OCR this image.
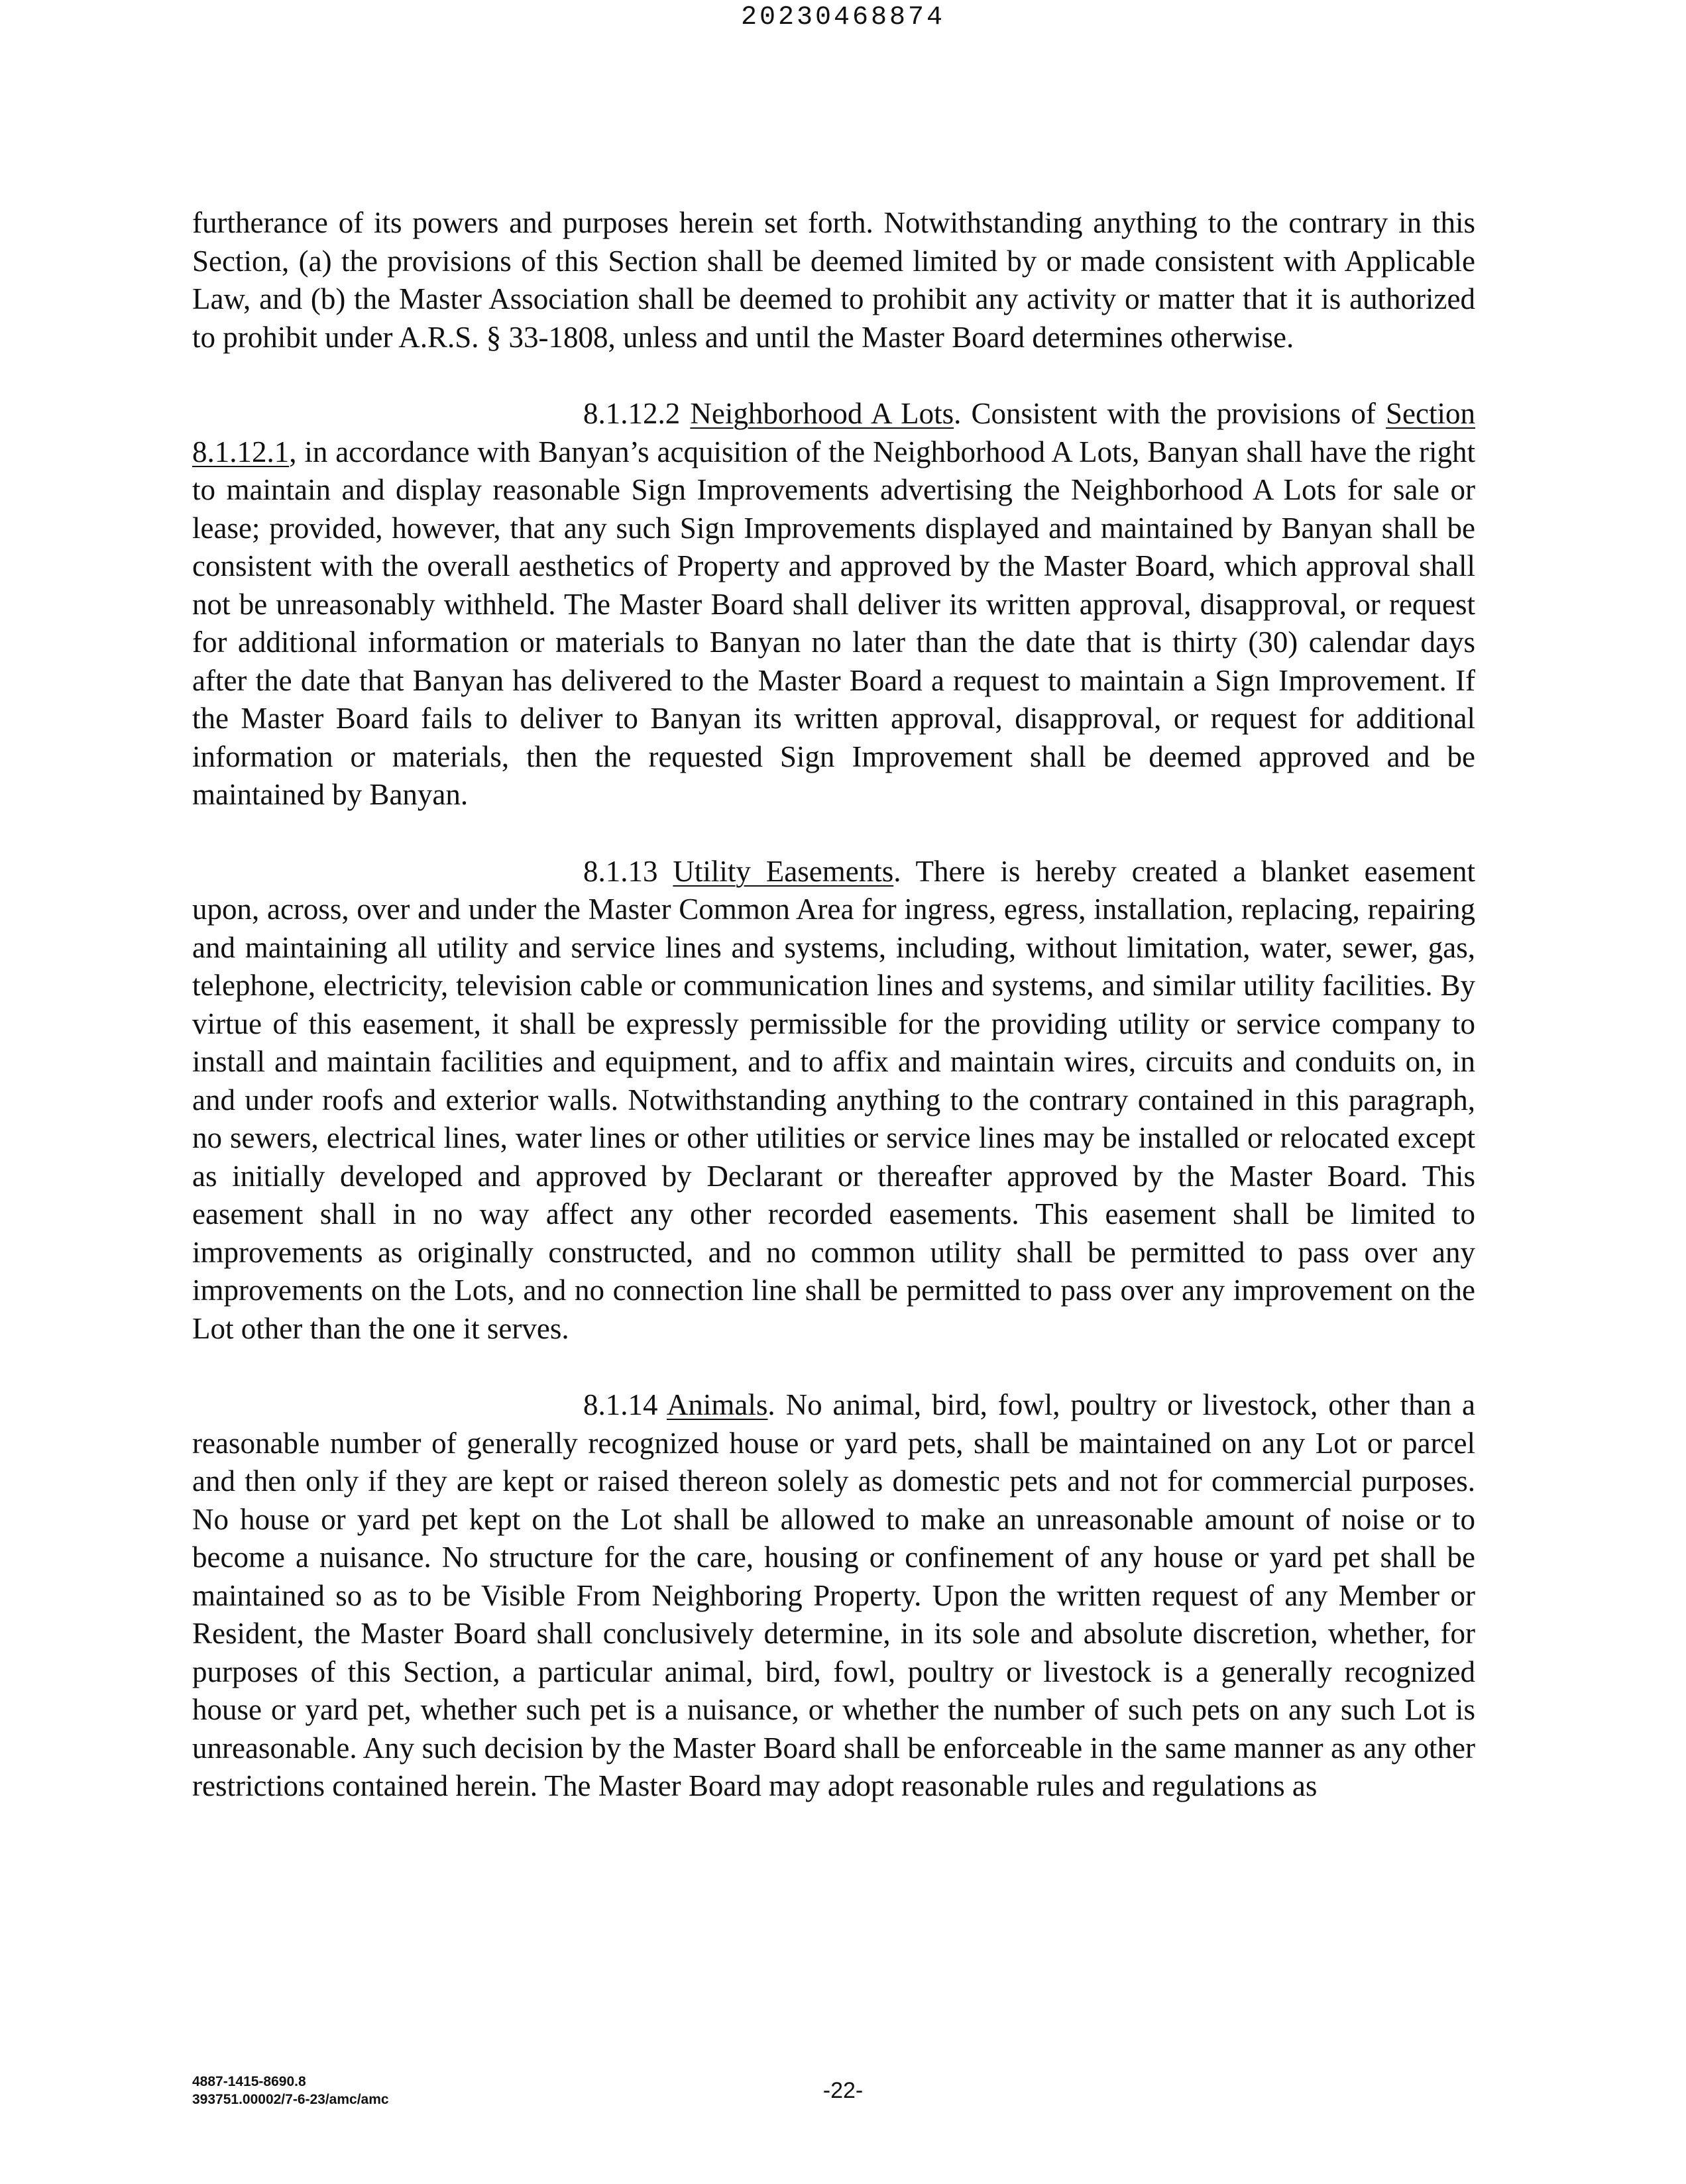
20230468874

furtherance of its powers and purposes herein set forth. Notwithstanding anything to the contrary in this Section, (a) the provisions of this Section shall be deemed limited by or made consistent with Applicable Law, and (b) the Master Association shall be deemed to prohibit any activity or matter that it is authorized to prohibit under A.R.S. § 33-1808, unless and until the Master Board determines otherwise.

8.1.12.2 Neighborhood A Lots. Consistent with the provisions of Section 8.1.12.1, in accordance with Banyan’s acquisition of the Neighborhood A Lots, Banyan shall have the right to maintain and display reasonable Sign Improvements advertising the Neighborhood A Lots for sale or lease; provided, however, that any such Sign Improvements displayed and maintained by Banyan shall be consistent with the overall aesthetics of Property and approved by the Master Board, which approval shall not be unreasonably withheld. The Master Board shall deliver its written approval, disapproval, or request for additional information or materials to Banyan no later than the date that is thirty (30) calendar days after the date that Banyan has delivered to the Master Board a request to maintain a Sign Improvement. If the Master Board fails to deliver to Banyan its written approval, disapproval, or request for additional information or materials, then the requested Sign Improvement shall be deemed approved and be maintained by Banyan.

8.1.13 Utility Easements. There is hereby created a blanket easement upon, across, over and under the Master Common Area for ingress, egress, installation, replacing, repairing and maintaining all utility and service lines and systems, including, without limitation, water, sewer, gas, telephone, electricity, television cable or communication lines and systems, and similar utility facilities. By virtue of this easement, it shall be expressly permissible for the providing utility or service company to install and maintain facilities and equipment, and to affix and maintain wires, circuits and conduits on, in and under roofs and exterior walls. Notwithstanding anything to the contrary contained in this paragraph, no sewers, electrical lines, water lines or other utilities or service lines may be installed or relocated except as initially developed and approved by Declarant or thereafter approved by the Master Board. This easement shall in no way affect any other recorded easements. This easement shall be limited to improvements as originally constructed, and no common utility shall be permitted to pass over any improvements on the Lots, and no connection line shall be permitted to pass over any improvement on the Lot other than the one it serves.

8.1.14 Animals. No animal, bird, fowl, poultry or livestock, other than a reasonable number of generally recognized house or yard pets, shall be maintained on any Lot or parcel and then only if they are kept or raised thereon solely as domestic pets and not for commercial purposes. No house or yard pet kept on the Lot shall be allowed to make an unreasonable amount of noise or to become a nuisance. No structure for the care, housing or confinement of any house or yard pet shall be maintained so as to be Visible From Neighboring Property. Upon the written request of any Member or Resident, the Master Board shall conclusively determine, in its sole and absolute discretion, whether, for purposes of this Section, a particular animal, bird, fowl, poultry or livestock is a generally recognized house or yard pet, whether such pet is a nuisance, or whether the number of such pets on any such Lot is unreasonable. Any such decision by the Master Board shall be enforceable in the same manner as any other restrictions contained herein. The Master Board may adopt reasonable rules and regulations as

4887-1415-8690.8
393751.00002/7-6-23/amc/amc	-22-
